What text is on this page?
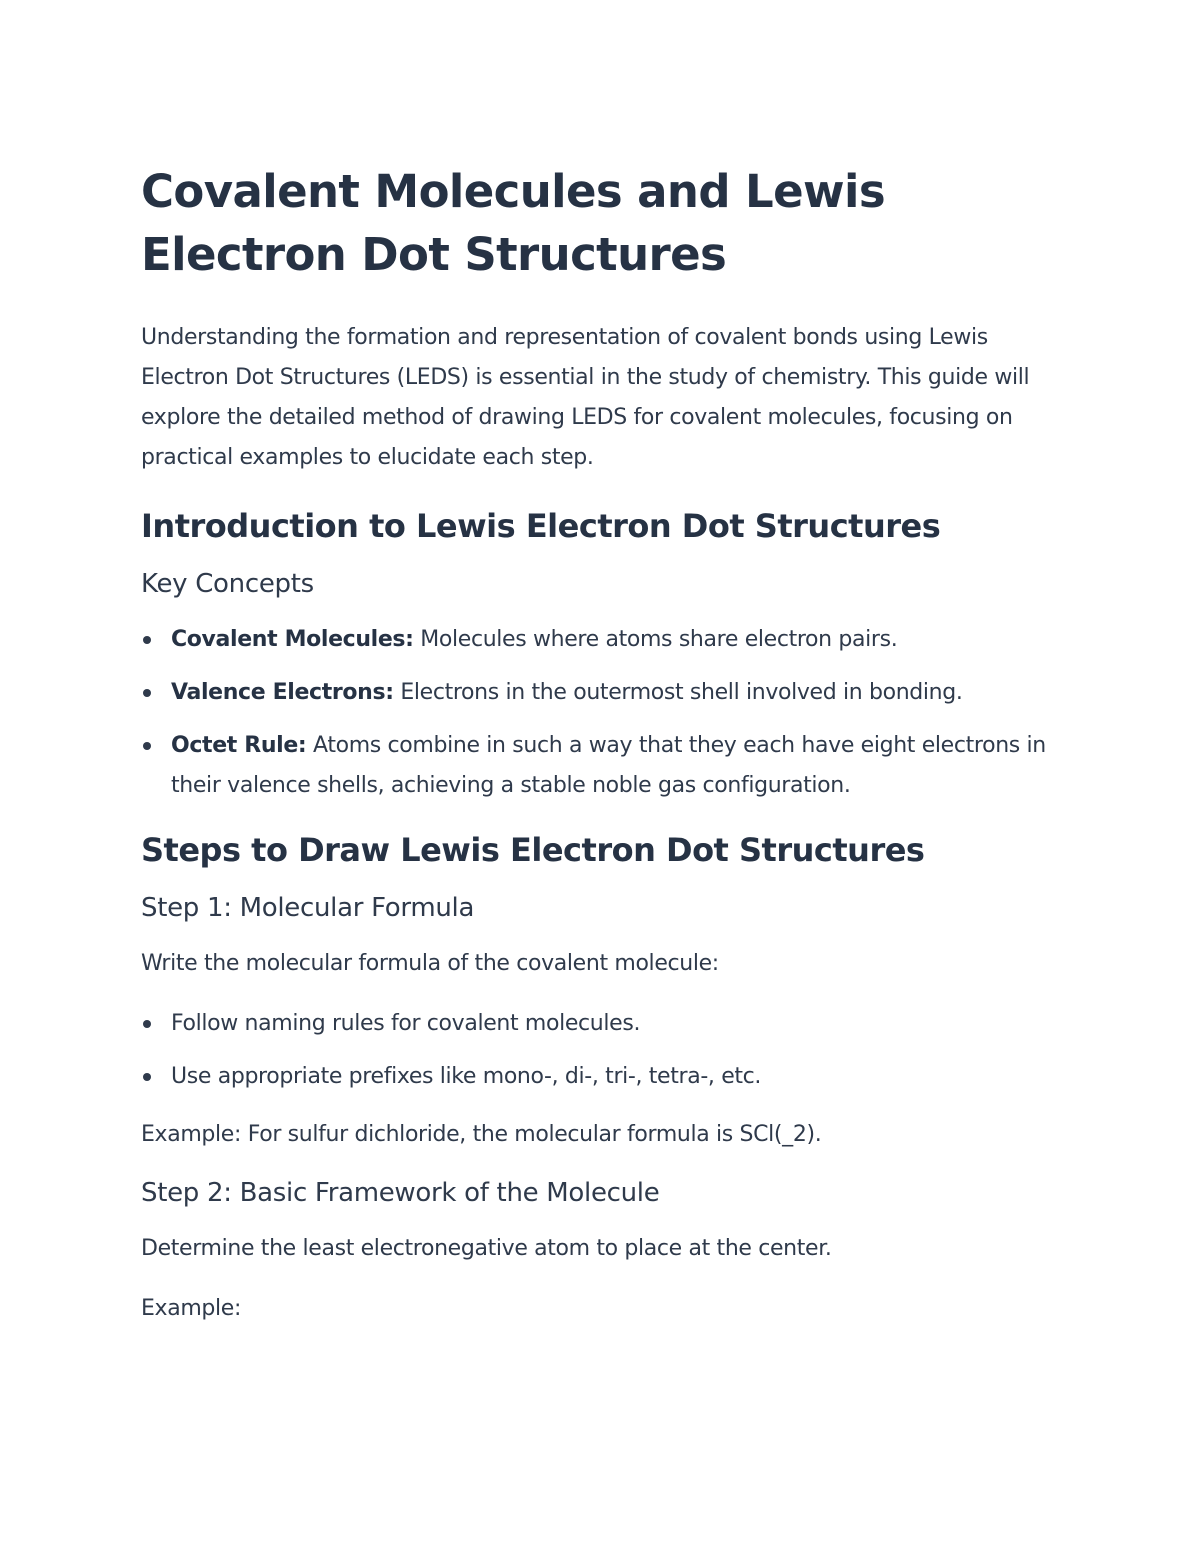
Covalent Molecules and Lewis Electron Dot Structures

Understanding the formation and representation of covalent bonds using Lewis Electron Dot Structures (LEDS) is essential in the study of chemistry. This guide will explore the detailed method of drawing LEDS for covalent molecules, focusing on practical examples to elucidate each step.

Introduction to Lewis Electron Dot Structures
Key Concepts
Covalent Molecules: Molecules where atoms share electron pairs.
Valence Electrons: Electrons in the outermost shell involved in bonding.
Octet Rule: Atoms combine in such a way that they each have eight electrons in their valence shells, achieving a stable noble gas configuration.
Steps to Draw Lewis Electron Dot Structures
Step 1: Molecular Formula

Write the molecular formula of the covalent molecule:

Follow naming rules for covalent molecules.
Use appropriate prefixes like mono-, di-, tri-, tetra-, etc.

Example: For sulfur dichloride, the molecular formula is SCl(_2).

Step 2: Basic Framework of the Molecule

Determine the least electronegative atom to place at the center.

Example:
